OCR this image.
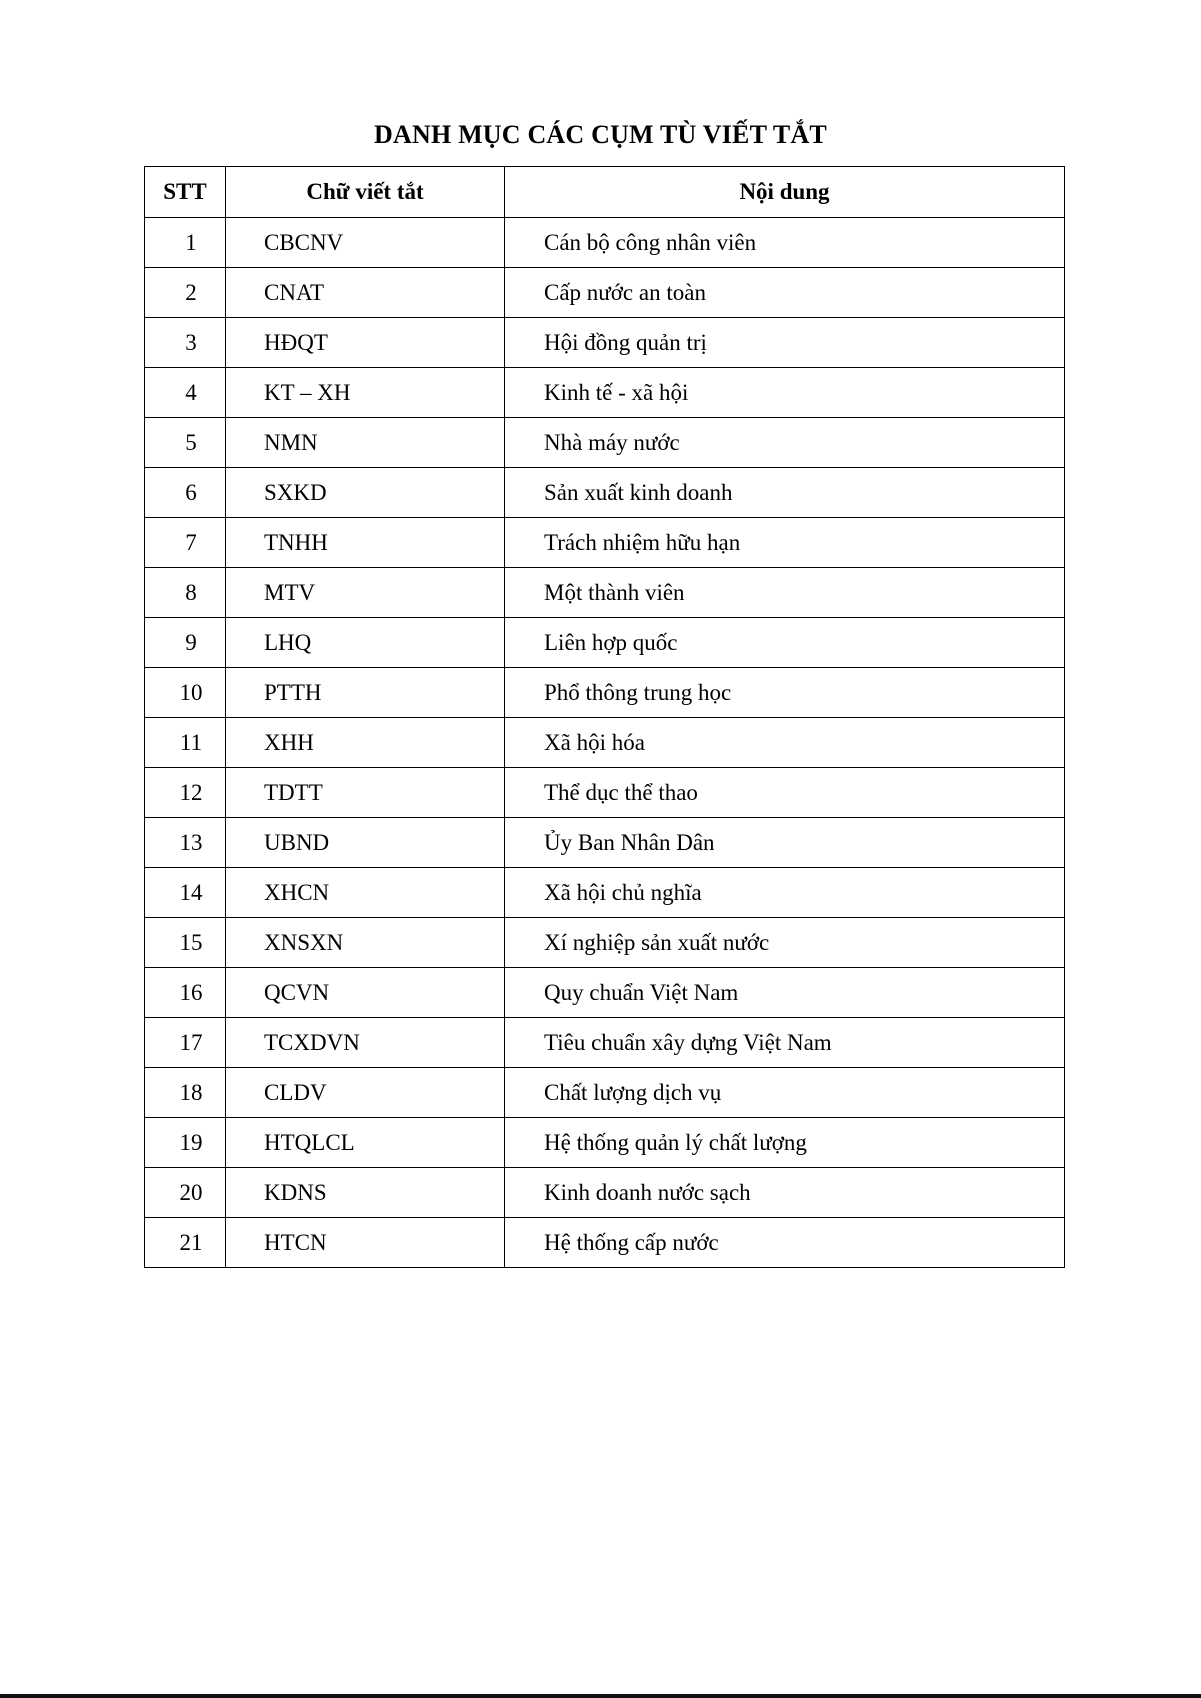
DANH MỤC CÁC CỤM TÙ VIẾT TẮT
STT	Chữ viết tắt	Nội dung
1	CBCNV	Cán bộ công nhân viên
2	CNAT	Cấp nước an toàn
3	HĐQT	Hội đồng quản trị
4	KT – XH	Kinh tế - xã hội
5	NMN	Nhà máy nước
6	SXKD	Sản xuất kinh doanh
7	TNHH	Trách nhiệm hữu hạn
8	MTV	Một thành viên
9	LHQ	Liên hợp quốc
10	PTTH	Phổ thông trung học
11	XHH	Xã hội hóa
12	TDTT	Thể dục thể thao
13	UBND	Ủy Ban Nhân Dân
14	XHCN	Xã hội chủ nghĩa
15	XNSXN	Xí nghiệp sản xuất nước
16	QCVN	Quy chuẩn Việt Nam
17	TCXDVN	Tiêu chuẩn xây dựng Việt Nam
18	CLDV	Chất lượng dịch vụ
19	HTQLCL	Hệ thống quản lý chất lượng
20	KDNS	Kinh doanh nước sạch
21	HTCN	Hệ thống cấp nước
